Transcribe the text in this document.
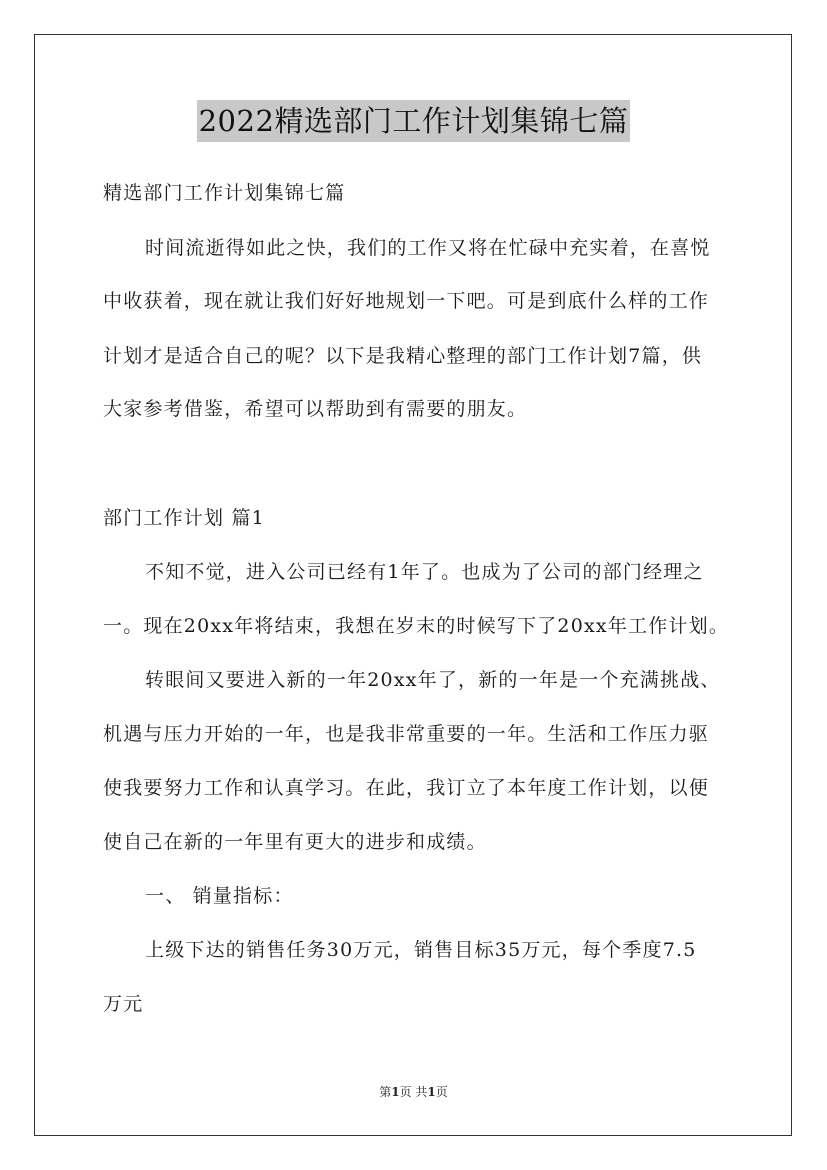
2022精选部门工作计划集锦七篇
精选部门工作计划集锦七篇
时间流逝得如此之快，我们的工作又将在忙碌中充实着，在喜悦
中收获着，现在就让我们好好地规划一下吧。可是到底什么样的工作
计划才是适合自己的呢？以下是我精心整理的部门工作计划7篇，供
大家参考借鉴，希望可以帮助到有需要的朋友。
部门工作计划 篇1
不知不觉，进入公司已经有1年了。也成为了公司的部门经理之
一。现在20xx年将结束，我想在岁末的时候写下了20xx年工作计划。
转眼间又要进入新的一年20xx年了，新的一年是一个充满挑战、
机遇与压力开始的一年，也是我非常重要的一年。生活和工作压力驱
使我要努力工作和认真学习。在此，我订立了本年度工作计划，以便
使自己在新的一年里有更大的进步和成绩。
一、 销量指标：
上级下达的销售任务30万元，销售目标35万元，每个季度7.5
万元
第1页 共1页
